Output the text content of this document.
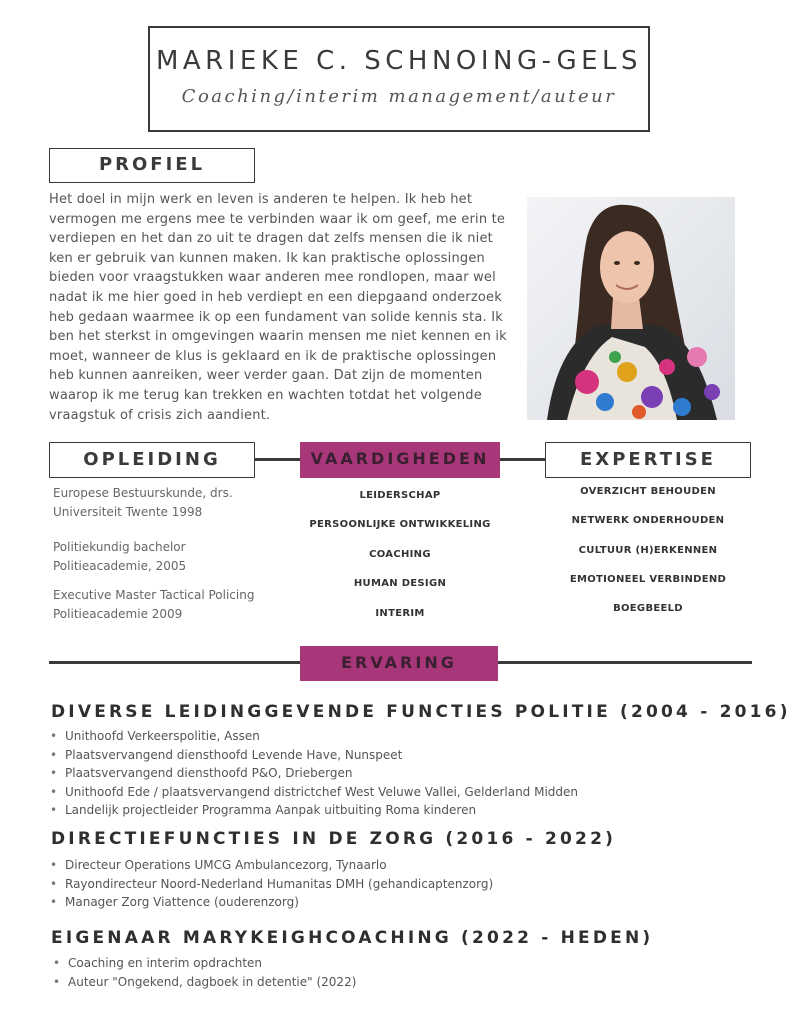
MARIEKE C. SCHNOING-GELS
Coaching/interim management/auteur
PROFIEL
Het doel in mijn werk en leven is anderen te helpen. Ik heb het vermogen me ergens mee te verbinden waar ik om geef, me erin te verdiepen en het dan zo uit te dragen dat zelfs mensen die ik niet ken er gebruik van kunnen maken. Ik kan praktische oplossingen bieden voor vraagstukken waar anderen mee rondlopen, maar wel nadat ik me hier goed in heb verdiept en een diepgaand onderzoek heb gedaan waarmee ik op een fundament van solide kennis sta. Ik ben het sterkst in omgevingen waarin mensen me niet kennen en ik moet, wanneer de klus is geklaard en ik de praktische oplossingen heb kunnen aanreiken, weer verder gaan. Dat zijn de momenten waarop ik me terug kan trekken en wachten totdat het volgende vraagstuk of crisis zich aandient.
OPLEIDING	VAARDIGHEDEN	EXPERTISE
Europese Bestuurskunde, drs.
Universiteit Twente 1998
Politiekundig bachelor
Politieacademie, 2005
Executive Master Tactical Policing
Politieacademie 2009
LEIDERSCHAP
PERSOONLIJKE ONTWIKKELING
COACHING
HUMAN DESIGN
INTERIM
OVERZICHT BEHOUDEN
NETWERK ONDERHOUDEN
CULTUUR (H)ERKENNEN
EMOTIONEEL VERBINDEND
BOEGBEELD
ERVARING
DIVERSE LEIDINGGEVENDE FUNCTIES POLITIE (2004 - 2016)
• Unithoofd Verkeerspolitie, Assen
• Plaatsvervangend diensthoofd Levende Have, Nunspeet
• Plaatsvervangend diensthoofd P&O, Driebergen
• Unithoofd Ede / plaatsvervangend districtchef West Veluwe Vallei, Gelderland Midden
• Landelijk projectleider Programma Aanpak uitbuiting Roma kinderen
DIRECTIEFUNCTIES IN DE ZORG (2016 - 2022)
• Directeur Operations UMCG Ambulancezorg, Tynaarlo
• Rayondirecteur Noord-Nederland Humanitas DMH (gehandicaptenzorg)
• Manager Zorg Viattence (ouderenzorg)
EIGENAAR MARYKEIGHCOACHING (2022 - HEDEN)
• Coaching en interim opdrachten
• Auteur "Ongekend, dagboek in detentie" (2022)
